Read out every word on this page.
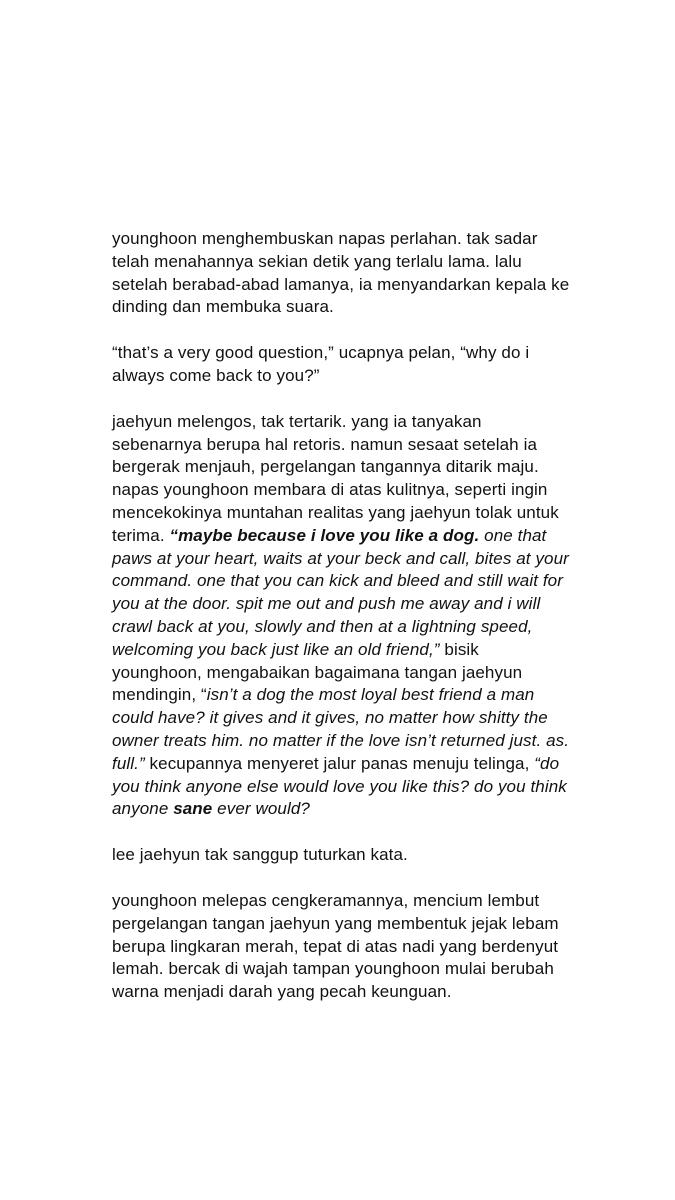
younghoon menghembuskan napas perlahan. tak sadar telah menahannya sekian detik yang terlalu lama. lalu setelah berabad-abad lamanya, ia menyandarkan kepala ke dinding dan membuka suara.

“that’s a very good question,” ucapnya pelan, “why do i always come back to you?”

jaehyun melengos, tak tertarik. yang ia tanyakan sebenarnya berupa hal retoris. namun sesaat setelah ia bergerak menjauh, pergelangan tangannya ditarik maju. napas younghoon membara di atas kulitnya, seperti ingin mencekokinya muntahan realitas yang jaehyun tolak untuk terima. “maybe because i love you like a dog. one that paws at your heart, waits at your beck and call, bites at your command. one that you can kick and bleed and still wait for you at the door. spit me out and push me away and i will crawl back at you, slowly and then at a lightning speed, welcoming you back just like an old friend,” bisik younghoon, mengabaikan bagaimana tangan jaehyun mendingin, “isn’t a dog the most loyal best friend a man could have? it gives and it gives, no matter how shitty the owner treats him. no matter if the love isn’t returned just. as. full.” kecupannya menyeret jalur panas menuju telinga, “do you think anyone else would love you like this? do you think anyone sane ever would?

lee jaehyun tak sanggup tuturkan kata.

younghoon melepas cengkeramannya, mencium lembut pergelangan tangan jaehyun yang membentuk jejak lebam berupa lingkaran merah, tepat di atas nadi yang berdenyut lemah. bercak di wajah tampan younghoon mulai berubah warna menjadi darah yang pecah keunguan.
